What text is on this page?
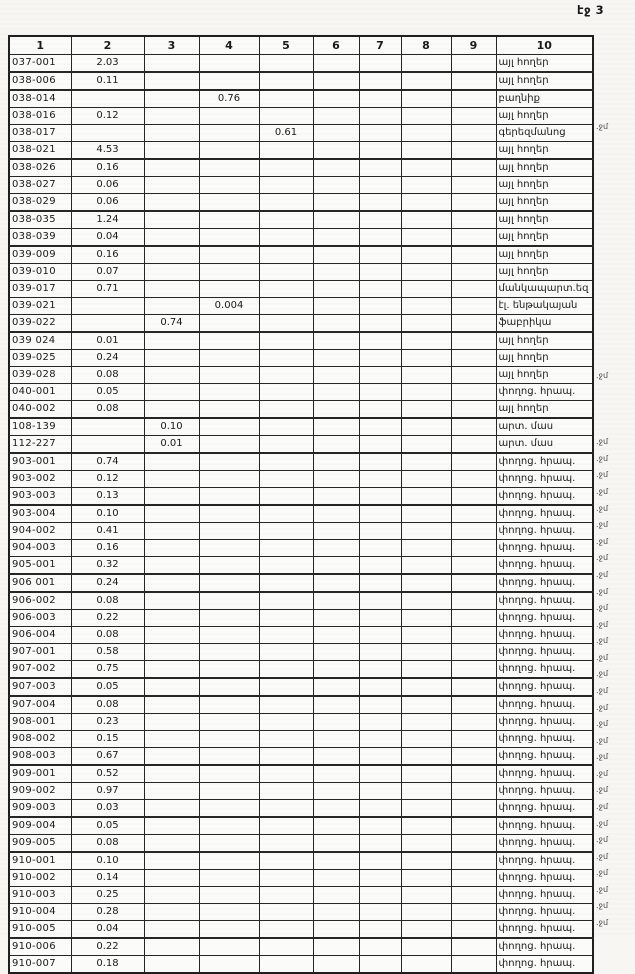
էջ 3
1	2	3	4	5	6	7	8	9	10
037-001	2.03								այլ հողեր
038-006	0.11								այլ հողեր
038-014			0.76						բաղնիք
038-016	0.12								այլ հողեր
038-017				0.61					գերեզմանոց
038-021	4.53								այլ հողեր
038-026	0.16								այլ հողեր
038-027	0.06								այլ հողեր
038-029	0.06								այլ հողեր
038-035	1.24								այլ հողեր
038-039	0.04								այլ հողեր
039-009	0.16								այլ հողեր
039-010	0.07								այլ հողեր
039-017	0.71								մանկապարտ.եզ
039-021			0.004						էլ. ենթակայան
039-022		0.74							ֆաբրիկա
039 024	0.01								այլ հողեր
039-025	0.24								այլ հողեր
039-028	0.08								այլ հողեր
040-001	0.05								փողոց. հրապ.
040-002	0.08								այլ հողեր
108-139		0.10							արտ. մաս
112-227		0.01							արտ. մաս
903-001	0.74								փողոց. հրապ.
903-002	0.12								փողոց. հրապ.
903-003	0.13								փողոց. հրապ.
903-004	0.10								փողոց. հրապ.
904-002	0.41								փողոց. հրապ.
904-003	0.16								փողոց. հրապ.
905-001	0.32								փողոց. հրապ.
906 001	0.24								փողոց. հրապ.
906-002	0.08								փողոց. հրապ.
906-003	0.22								փողոց. հրապ.
906-004	0.08								փողոց. հրապ.
907-001	0.58								փողոց. հրապ.
907-002	0.75								փողոց. հրապ.
907-003	0.05								փողոց. հրապ.
907-004	0.08								փողոց. հրապ.
908-001	0.23								փողոց. հրապ.
908-002	0.15								փողոց. հրապ.
908-003	0.67								փողոց. հրապ.
909-001	0.52								փողոց. հրապ.
909-002	0.97								փողոց. հրապ.
909-003	0.03								փողոց. հրապ.
909-004	0.05								փողոց. հրապ.
909-005	0.08								փողոց. հրապ.
910-001	0.10								փողոց. հրապ.
910-002	0.14								փողոց. հրապ.
910-003	0.25								փողոց. հրապ.
910-004	0.28								փողոց. հրապ.
910-005	0.04								փողոց. հրապ.
910-006	0.22								փողոց. հրապ.
910-007	0.18								փողոց. հրապ.
.ջմ
.ջմ
.ջմ
.ջմ
.ջմ
.ջմ
.ջմ
.ջմ
.ջմ
.ջմ
.ջմ
.ջմ
.ջմ
.ջմ
.ջմ
.ջմ
.ջմ
.ջմ
.ջմ
.ջմ
.ջմ
.ջմ
.ջմ
.ջմ
.ջմ
.ջմ
.ջմ
.ջմ
.ջմ
.ջմ
.ջմ
.ջմ
